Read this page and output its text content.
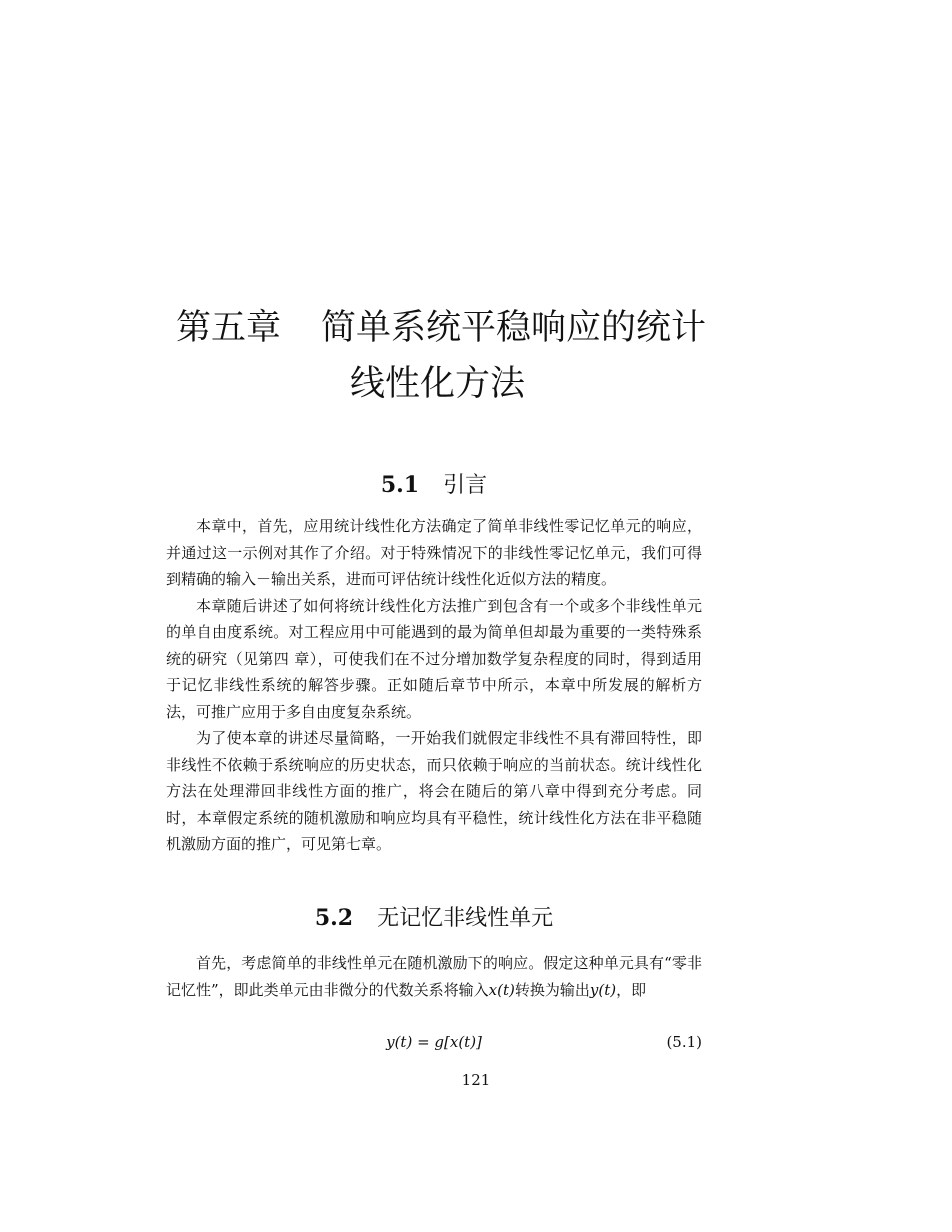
第五章 简单系统平稳响应的统计
线性化方法
5.1 引言

本章中，首先，应用统计线性化方法确定了简单非线性零记忆单元的响应，并通过这一示例对其作了介绍。对于特殊情况下的非线性零记忆单元，我们可得到精确的输入－输出关系，进而可评估统计线性化近似方法的精度。

本章随后讲述了如何将统计线性化方法推广到包含有一个或多个非线性单元的单自由度系统。对工程应用中可能遇到的最为简单但却最为重要的一类特殊系统的研究（见第四 章），可使我们在不过分增加数学复杂程度的同时，得到适用于记忆非线性系统的解答步骤。正如随后章节中所示，本章中所发展的解析方法，可推广应用于多自由度复杂系统。

为了使本章的讲述尽量简略，一开始我们就假定非线性不具有滞回特性，即非线性不依赖于系统响应的历史状态，而只依赖于响应的当前状态。统计线性化方法在处理滞回非线性方面的推广，将会在随后的第八章中得到充分考虑。同时，本章假定系统的随机激励和响应均具有平稳性，统计线性化方法在非平稳随机激励方面的推广，可见第七章。

5.2 无记忆非线性单元

首先，考虑简单的非线性单元在随机激励下的响应。假定这种单元具有“零非记忆性”，即此类单元由非微分的代数关系将输入x(t)转换为输出y(t)，即

y(t) = g[x(t)]	(5.1)
121
